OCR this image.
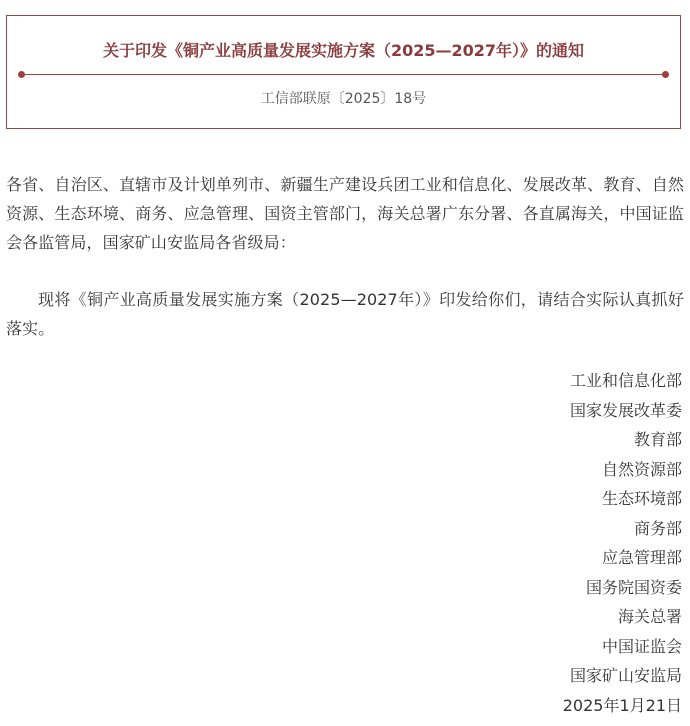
关于印发《铜产业高质量发展实施方案（2025—2027年）》的通知
工信部联原〔2025〕18号

各省、自治区、直辖市及计划单列市、新疆生产建设兵团工业和信息化、发展改革、教育、自然资源、生态环境、商务、应急管理、国资主管部门，海关总署广东分署、各直属海关，中国证监会各监管局，国家矿山安监局各省级局：

现将《铜产业高质量发展实施方案（2025—2027年）》印发给你们，请结合实际认真抓好落实。

工业和信息化部
国家发展改革委
教育部
自然资源部
生态环境部
商务部
应急管理部
国务院国资委
海关总署
中国证监会
国家矿山安监局
2025年1月21日
